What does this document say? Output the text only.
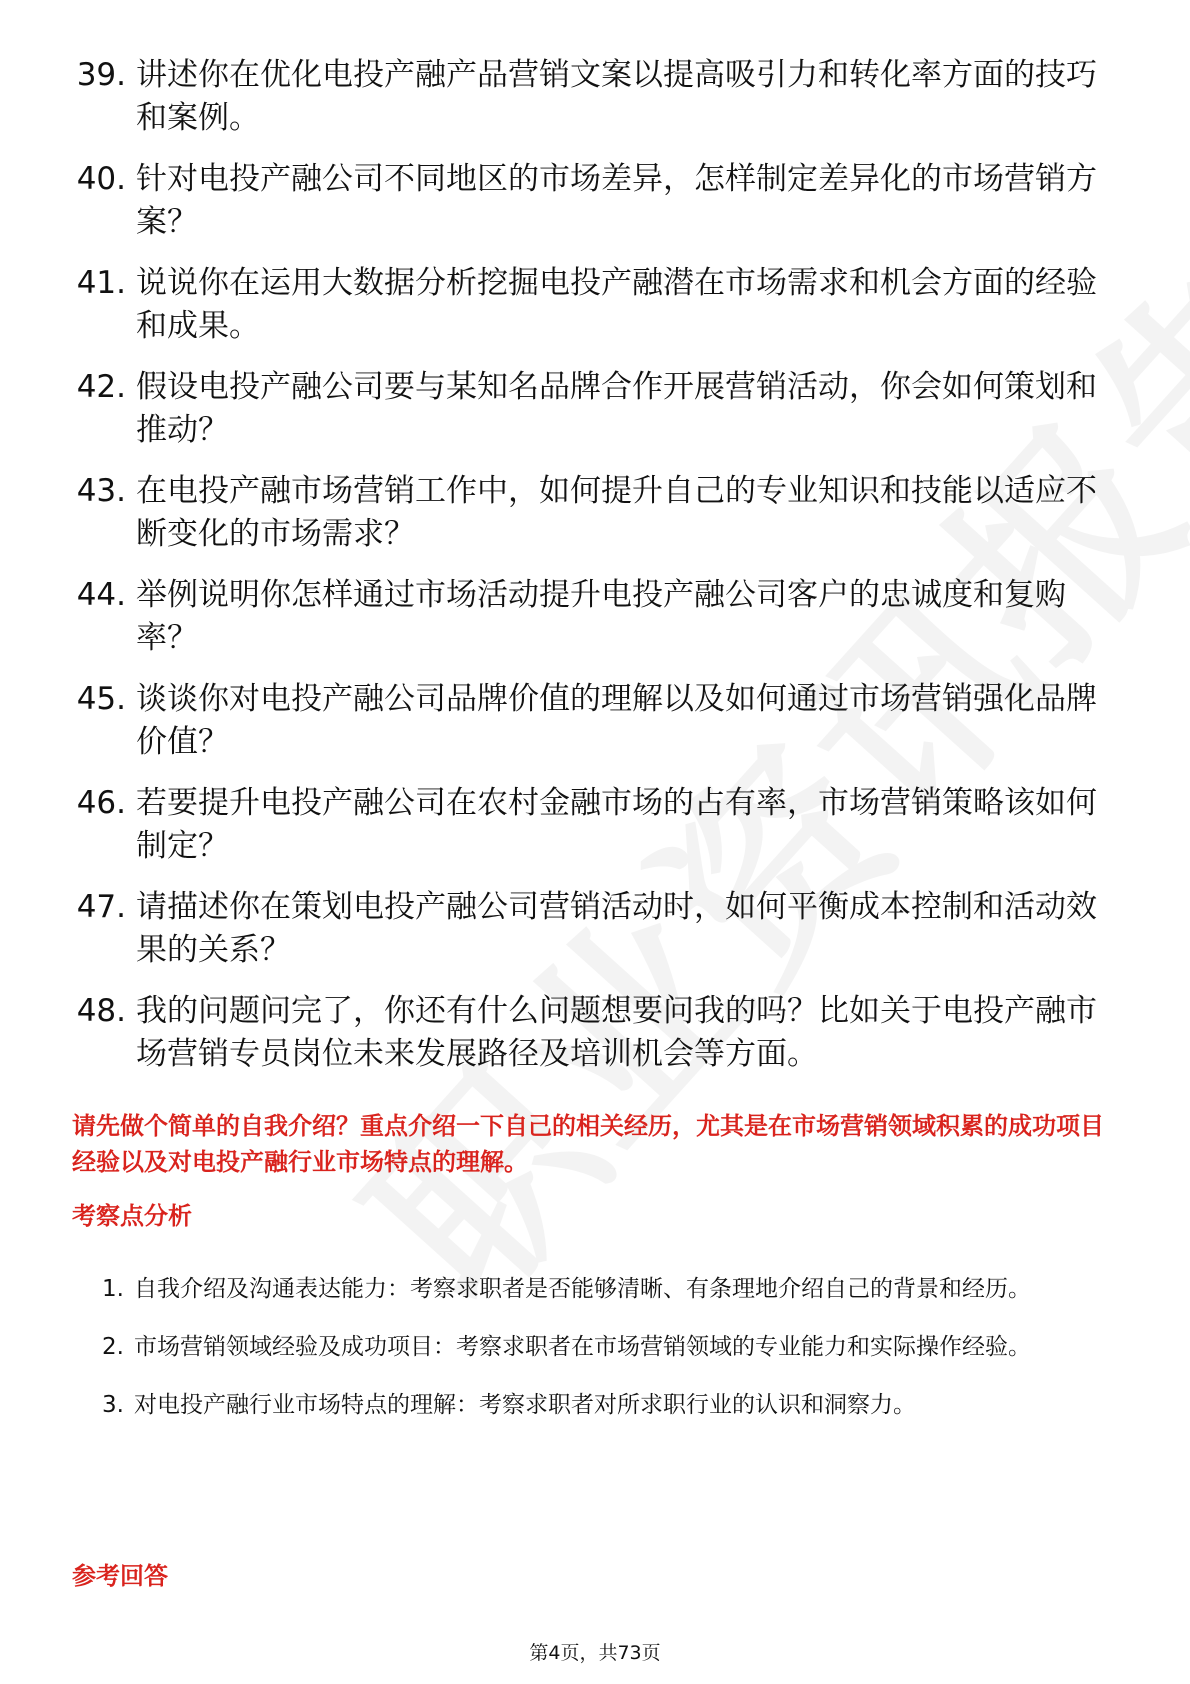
39. 讲述你在优化电投产融产品营销文案以提高吸引力和转化率方面的技巧和案例。
40. 针对电投产融公司不同地区的市场差异，怎样制定差异化的市场营销方案？
41. 说说你在运用大数据分析挖掘电投产融潜在市场需求和机会方面的经验和成果。
42. 假设电投产融公司要与某知名品牌合作开展营销活动，你会如何策划和推动？
43. 在电投产融市场营销工作中，如何提升自己的专业知识和技能以适应不断变化的市场需求？
44. 举例说明你怎样通过市场活动提升电投产融公司客户的忠诚度和复购率？
45. 谈谈你对电投产融公司品牌价值的理解以及如何通过市场营销强化品牌价值？
46. 若要提升电投产融公司在农村金融市场的占有率，市场营销策略该如何制定？
47. 请描述你在策划电投产融公司营销活动时，如何平衡成本控制和活动效果的关系？
48. 我的问题问完了，你还有什么问题想要问我的吗？比如关于电投产融市场营销专员岗位未来发展路径及培训机会等方面。

请先做个简单的自我介绍？重点介绍一下自己的相关经历，尤其是在市场营销领域积累的成功项目经验以及对电投产融行业市场特点的理解。

考察点分析
1. 自我介绍及沟通表达能力：考察求职者是否能够清晰、有条理地介绍自己的背景和经历。
2. 市场营销领域经验及成功项目：考察求职者在市场营销领域的专业能力和实际操作经验。
3. 对电投产融行业市场特点的理解：考察求职者对所求职行业的认识和洞察力。
参考回答
第4页，共73页
